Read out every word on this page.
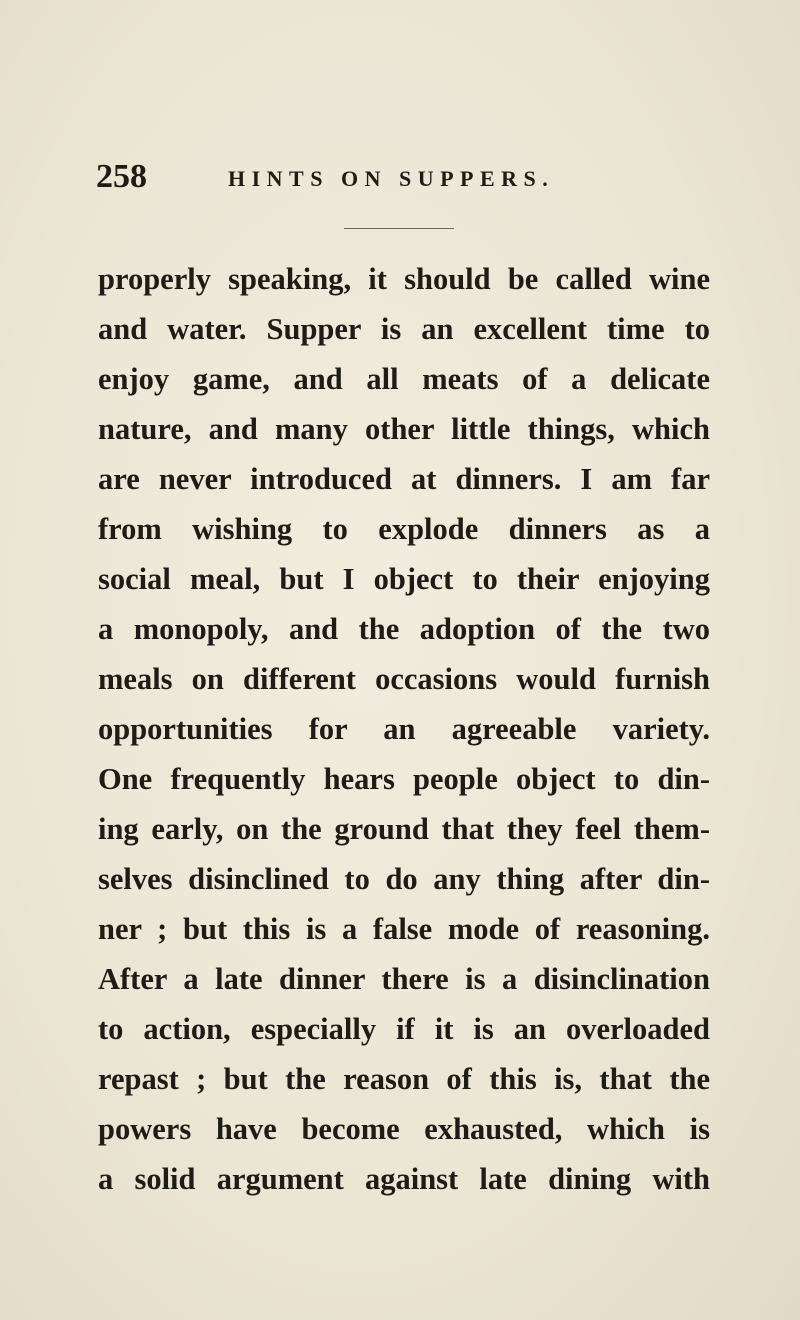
258	HINTS ON SUPPERS.
properly speaking, it should be called wine
and water. Supper is an excellent time to
enjoy game, and all meats of a delicate
nature, and many other little things, which
are never introduced at dinners. I am far
from wishing to explode dinners as a
social meal, but I object to their enjoying
a monopoly, and the adoption of the two
meals on different occasions would furnish
opportunities for an agreeable variety.
One frequently hears people object to din-
ing early, on the ground that they feel them-
selves disinclined to do any thing after din-
ner ; but this is a false mode of reasoning.
After a late dinner there is a disinclination
to action, especially if it is an overloaded
repast ; but the reason of this is, that the
powers have become exhausted, which is
a solid argument against late dining with
